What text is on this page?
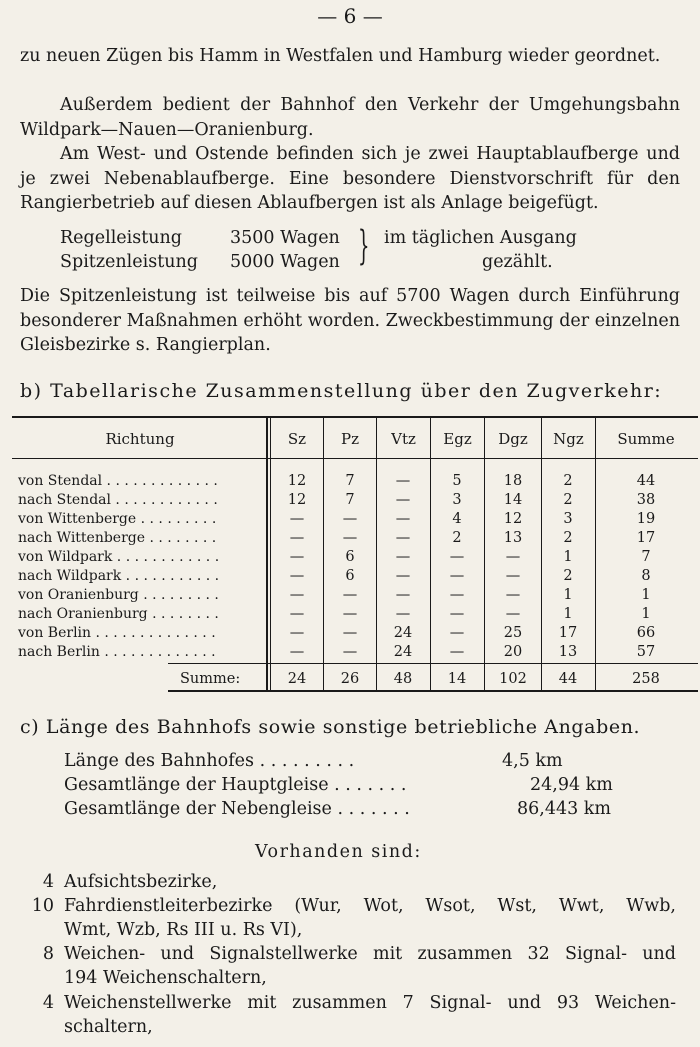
— 6 —
zu neuen Zügen bis Hamm in Westfalen und Hamburg wieder geordnet.
Außerdem bedient der Bahnhof den Verkehr der Umgehungsbahn Wildpark—Nauen—Oranienburg.
Am West- und Ostende befinden sich je zwei Hauptablaufberge und je zwei Nebenablaufberge. Eine besondere Dienstvorschrift für den Rangierbetrieb auf diesen Ablaufbergen ist als Anlage beigefügt.
Regelleistung	3500 Wagen
Spitzenleistung 5000 Wagen } im täglichen Ausgang
gezählt.
Die Spitzenleistung ist teilweise bis auf 5700 Wagen durch Einführung besonderer Maßnahmen erhöht worden. Zweckbestimmung der einzelnen Gleisbezirke s. Rangierplan.
b) Tabellarische Zusammenstellung über den Zugverkehr:
Richtung	Sz	Pz	Vtz	Egz	Dgz	Ngz	Summe
von Stendal . . . . . . . . . . . . .	12	7	—	5	18	2	44
nach Stendal . . . . . . . . . . . .	12	7	—	3	14	2	38
von Wittenberge . . . . . . . . .	—	—	—	4	12	3	19
nach Wittenberge . . . . . . . .	—	—	—	2	13	2	17
von Wildpark . . . . . . . . . . . .	—	6	—	—	—	1	7
nach Wildpark . . . . . . . . . . .	—	6	—	—	—	2	8
von Oranienburg . . . . . . . . .	—	—	—	—	—	1	1
nach Oranienburg . . . . . . . .	—	—	—	—	—	1	1
von Berlin . . . . . . . . . . . . . .	—	—	24	—	25	17	66
nach Berlin . . . . . . . . . . . . .	—	—	24	—	20	13	57
Summe:	24	26	48	14	102	44	258
c) Länge des Bahnhofs sowie sonstige betriebliche Angaben.
Länge des Bahnhofes . . . . . . . . .	4,5 km
Gesamtlänge der Hauptgleise . . . . . . .	24,94 km
Gesamtlänge der Nebengleise . . . . . . .	86,443 km
Vorhanden sind:
4 Aufsichtsbezirke,
10 Fahrdienstleiterbezirke (Wur, Wot, Wsot, Wst, Wwt, Wwb,
Wmt, Wzb, Rs III u. Rs VI),
8 Weichen- und Signalstellwerke mit zusammen 32 Signal- und
194 Weichenschaltern,
4 Weichenstellwerke mit zusammen 7 Signal- und 93 Weichen-
schaltern,
